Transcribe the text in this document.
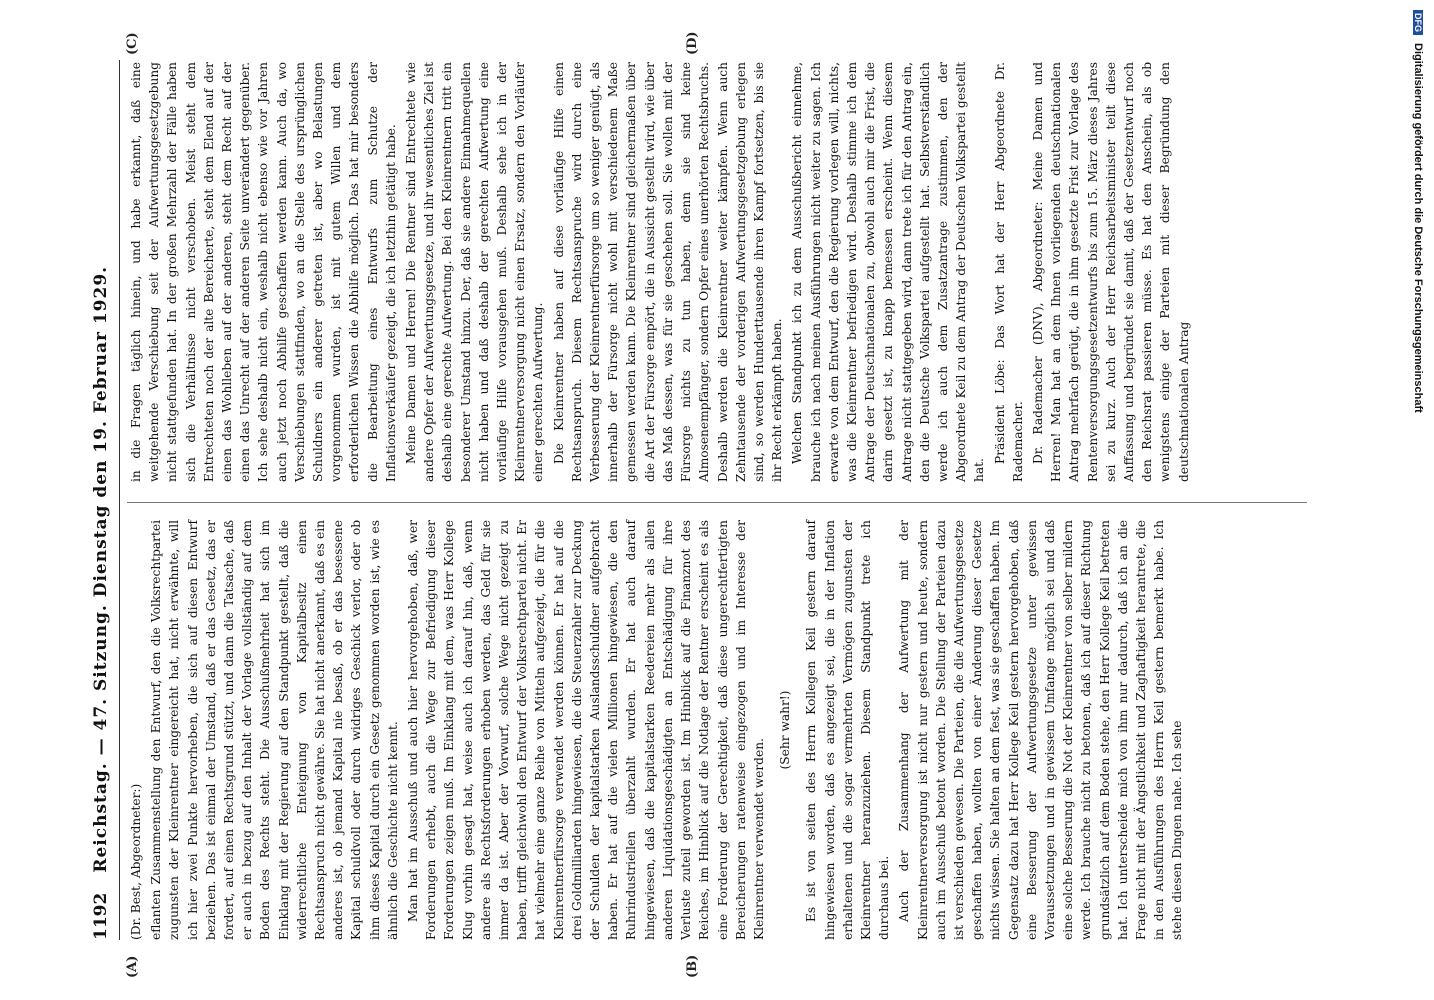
1192
Reichstag. — 47. Sitzung. Dienstag den 19. Februar 1929. (Dr. Best, Abgeordneter:) eflanten Zusammenstellung den Entwurf, den die Volksrechtpartei zugunsten der Kleinrentner eingereicht hat, nicht erwähnte, will ich hier zwei Punkte hervorheben, die sich auf diesen Entwurf beziehen. Das ist einmal der Umstand, daß er das Gesetz, das er fordert, auf einen Rechtsgrund stützt, und dann die Tatsache, daß er auch in bezug auf den Inhalt der Vorlage vollständig auf dem Boden des Rechts steht. Die Ausschußmehrheit hat sich im Einklang mit der Regierung auf den Standpunkt gestellt, daß die widerrechtliche Enteignung von Kapitalbesitz einen Rechtsanspruch nicht gewähre. Sie hat nicht anerkannt, daß es ein anderes ist, ob jemand Kapital nie besaß, ob er das besessene Kapital schuldvoll oder durch widriges Geschick verlor, oder ob ihm dieses Kapital durch ein Gesetz genommen worden ist, wie es ähnlich die Geschichte nicht kennt. Man hat im Ausschuß und auch hier hervorgehoben, daß, wer Forderungen erhebt, auch die Wege zur Befriedigung dieser Forderungen zeigen muß. Im Einklang mit dem, was Herr Kollege Klug vorhin gesagt hat, weise auch ich darauf hin, daß, wenn andere als Rechtsforderungen erhoben werden, das Geld für sie immer da ist. Aber der Vorwurf, solche Wege nicht gezeigt zu haben, trifft gleichwohl den Entwurf der Volksrechtpartei nicht. Er hat vielmehr eine ganze Reihe von Mitteln aufgezeigt, die für die Kleinrentnerfürsorge verwendet werden können. Er hat auf die drei Goldmilliarden hingewiesen, die die Steuerzahler zur Deckung der Schulden der kapitalstarken Auslandsschuldner aufgebracht haben. Er hat auf die vielen Millionen hingewiesen, die den Ruhrindustriellen überzahlt wurden. Er hat auch darauf hingewiesen, daß die kapitalstarken Reedereien mehr als allen anderen Liquidationsgeschädigten an Entschädigung für ihre Verluste zuteil geworden ist. Im Hinblick auf die Finanznot des Reiches, im Hinblick auf die Notlage der Rentner erscheint es als eine Forderung der Gerechtigkeit, daß diese ungerechtfertigten Bereicherungen ratenweise eingezogen und im Interesse der Kleinrentner verwendet werden.

(Sehr wahr!) Es ist von seiten des Herrn Kollegen Keil gestern darauf hingewiesen worden, daß es angezeigt sei, die in der Inflation erhaltenen und die sogar vermehrten Vermögen zugunsten der Kleinrentner heranzuziehen. Diesem Standpunkt trete ich durchaus bei. Auch der Zusammenhang der Aufwertung mit der Kleinrentnerversorgung ist nicht nur gestern und heute, sondern auch im Ausschuß betont worden. Die Stellung der Parteien dazu ist verschieden gewesen. Die Parteien, die die Aufwertungsgesetze geschaffen haben, wollten von einer Änderung dieser Gesetze nichts wissen. Sie halten an dem fest, was sie geschaffen haben. Im Gegensatz dazu hat Herr Kollege Keil gestern hervorgehoben, daß eine Besserung der Aufwertungsgesetze unter gewissen Voraussetzungen und in gewissem Umfange möglich sei und daß eine solche Besserung die Not der Kleinrentner von selber mildern werde. Ich brauche nicht zu betonen, daß ich auf dieser Richtung grundsätzlich auf dem Boden stehe, den Herr Kollege Keil betreten hat. Ich unterscheide mich von ihm nur dadurch, daß ich an die Frage nicht mit der Ängstlichkeit und Zaghaftigkeit herantrete, die in den Ausführungen des Herrn Keil gestern bemerkt habe. Ich stehe diesen Dingen nahe. Ich sehe

in die Fragen täglich hinein, und habe erkannt, daß eine weitgehende Verschiebung seit der Aufwertungsgesetzgebung nicht stattgefunden hat. In der großen Mehrzahl der Fälle haben sich die Verhältnisse nicht verschoben. Meist steht dem Entrechteten noch der alte Bereicherte, steht dem Elend auf der einen das Wohlleben auf der anderen, steht dem Recht auf der einen das Unrecht auf der anderen Seite unverändert gegenüber. Ich sehe deshalb nicht ein, weshalb nicht ebenso wie vor Jahren auch jetzt noch Abhilfe geschaffen werden kann. Auch da, wo Verschiebungen stattfinden, wo an die Stelle des ursprünglichen Schuldners ein anderer getreten ist, aber wo Belastungen vorgenommen wurden, ist mit gutem Willen und dem erforderlichen Wissen die Abhilfe möglich. Das hat mir besonders die Bearbeitung eines Entwurfs zum Schutze der Inflationsverkäufer gezeigt, die ich letzthin getätigt habe. Meine Damen und Herren! Die Rentner sind Entrechtete wie andere Opfer der Aufwertungsgesetze, und ihr wesentliches Ziel ist deshalb eine gerechte Aufwertung. Bei den Kleinrentnern tritt ein besonderer Umstand hinzu. Der, daß sie andere Einnahmequellen nicht haben und daß deshalb der gerechten Aufwertung eine vorläufige Hilfe vorausgehen muß. Deshalb sehe ich in der Kleinrentnerversorgung nicht einen Ersatz, sondern den Vorläufer einer gerechten Aufwertung. Die Kleinrentner haben auf diese vorläufige Hilfe einen Rechtsanspruch. Diesem Rechtsanspruche wird durch eine Verbesserung der Kleinrentnerfürsorge um so weniger genügt, als innerhalb der Fürsorge nicht wohl mit verschiedenem Maße gemessen werden kann. Die Kleinrentner sind gleichermaßen über die Art der Fürsorge empört, die in Aussicht gestellt wird, wie über das Maß dessen, was für sie geschehen soll. Sie wollen mit der Fürsorge nichts zu tun haben, denn sie sind keine Almosenempfänger, sondern Opfer eines unerhörten Rechtsbruchs. Deshalb werden die Kleinrentner weiter kämpfen. Wenn auch Zehntausende der vorderigen Aufwertungsgesetzgebung erlegen sind, so werden Hunderttausende ihren Kampf fortsetzen, bis sie ihr Recht erkämpft haben. Welchen Standpunkt ich zu dem Ausschußbericht einnehme, brauche ich nach meinen Ausführungen nicht weiter zu sagen. Ich erwarte von dem Entwurf, den die Regierung vorlegen will, nichts, was die Kleinrentner befriedigen wird. Deshalb stimme ich dem Antrage der Deutschnationalen zu, obwohl auch mir die Frist, die darin gesetzt ist, zu knapp bemessen erscheint. Wenn diesem Antrage nicht stattgegeben wird, dann trete ich für den Antrag ein, den die Deutsche Volkspartei aufgestellt hat. Selbstverständlich werde ich auch dem Zusatzantrage zustimmen, den der Abgeordnete Keil zu dem Antrag der Deutschen Volkspartei gestellt hat.

Präsident Löbe: Das Wort hat der Herr Abgeordnete Dr. Rademacher. Dr. Rademacher (DNV), Abgeordneter: Meine Damen und Herren! Man hat an dem Ihnen vorliegenden deutschnationalen Antrag mehrfach gerügt, die in ihm gesetzte Frist zur Vorlage des Rentenversorgungsgesetzentwurfs bis zum 15. März dieses Jahres sei zu kurz. Auch der Herr Reichsarbeitsminister teilt diese Auffassung und begründet sie damit, daß der Gesetzentwurf noch den Reichsrat passieren müsse. Es hat den Anschein, als ob wenigstens einige der Parteien mit dieser Begründung den deutschnationalen Antrag

(A)	(B)
(C)	(D)
DFG
Digitalisierung gefördert durch die Deutsche Forschungsgemeinschaft
